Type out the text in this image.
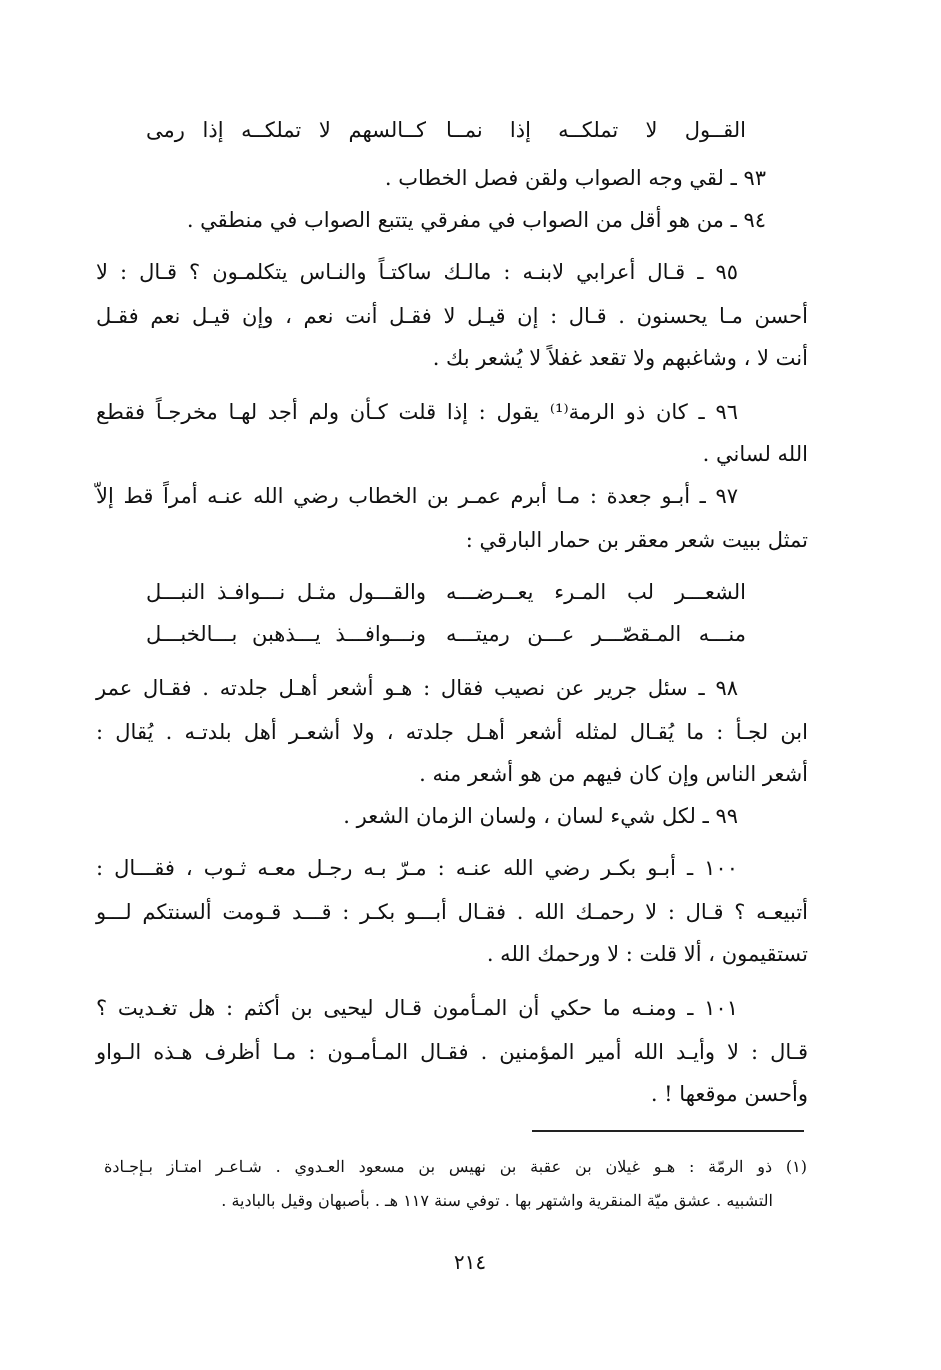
القــول لا تملكــه إذا نمــا
كــالسهم لا تملكــه إذا رمى
٩٣ ـ لقي وجه الصواب ولقن فصل الخطاب .
٩٤ ـ من هو أقل من الصواب في مفرقي يتتبع الصواب في منطقي .
٩٥ ـ قـال أعرابي لابنـه : مالـك ساكتـاً والنـاس يتكلمـون ؟ قـال : لا
أحسن مـا يحسنون . قـال : إن قيـل لا فقـل أنت نعم ، وإن قيـل نعم فقـل
أنت لا ، وشاغبهم ولا تقعد غفلاً لا يُشعر بك .
٩٦ ـ كان ذو الرمة⁽¹⁾ يقول : إذا قلت كـأن ولم أجد لهـا مخرجـاً فقطع
الله لساني .
٩٧ ـ أبـو جعدة : مـا أبرم عمـر بن الخطاب رضي الله عنـه أمراً قط إلاّ
تمثل ببيت شعر معقر بن حمار البارقي :
الشعـــر لب المـرء يعــرضـــه
والقـــول مثـل نـــوافـذ النبـــل
منـــه المـقصّـــر عـــن رميتـــه
ونـــوافـــذ يـــذهبن بـــالخبـــل
٩٨ ـ سئل جرير عن نصيب فقال : هـو أشعر أهـل جلدته . فقـال عمر
ابن لجـأ : ما يُقـال لمثله أشعر أهـل جلدته ، ولا أشعـر أهل بلدتـه . يُقال :
أشعر الناس وإن كان فيهم من هو أشعر منه .
٩٩ ـ لكل شيء لسان ، ولسان الزمان الشعر .
١٠٠ ـ أبـو بكـر رضي الله عنـه : مـرّ بـه رجـل معـه ثـوب ، فقـــال :
أتبيعـه ؟ قـال : لا رحمـك الله . فقـال أبـــو بكـر : قـــد قـومت ألسنتكم لـــو
تستقيمون ، ألا قلت : لا ورحمك الله .
١٠١ ـ ومنـه ما حكي أن المـأمون قـال ليحيى بن أكثم : هل تغـديت ؟
قـال : لا وأيـد الله أمير المؤمنين . فقـال المـأمـون : مـا أظرف هـذه الـواو
وأحسن موقعها ! .
(١) ذو الرمّة : هـو غيلان بن عقبة بن نهيس بن مسعود العـدوي . شـاعـر امتـاز بـإجـادة
التشبيه . عشق ميّة المنقرية واشتهر بها . توفي سنة ١١٧ هـ . بأصبهان وقيل بالبادية .
٢١٤
